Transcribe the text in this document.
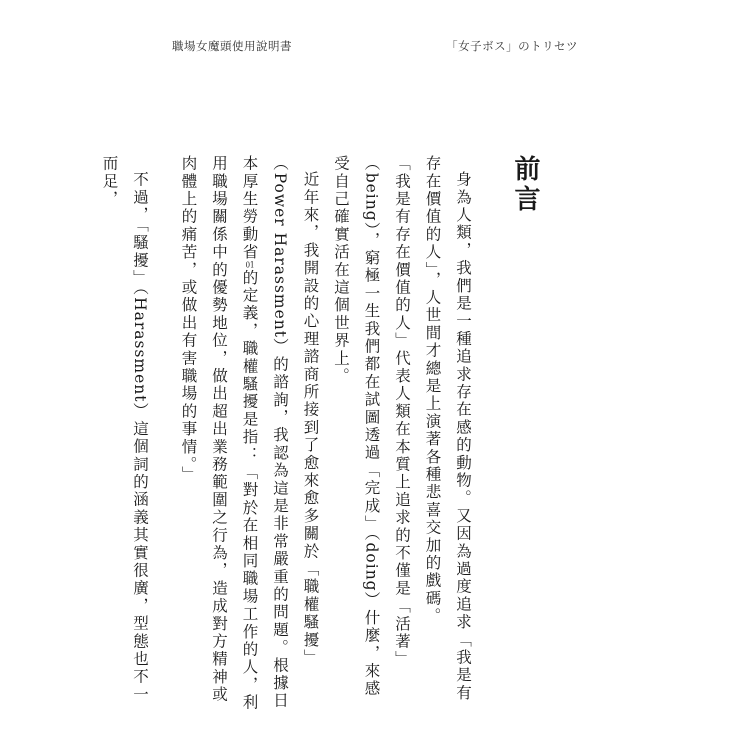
職場女魔頭使用說明書	「女子ボス」のトリセツ
前言

身為人類，我們是一種追求存在感的動物。又因為過度追求「我是有存在價值的人」，人世間才總是上演著各種悲喜交加的戲碼。

「我是有存在價值的人」代表人類在本質上追求的不僅是「活著」（being），窮極一生我們都在試圖透過「完成」（doing）什麼，來感受自己確實活在這個世界上。

近年來，我開設的心理諮商所接到了愈來愈多關於「職權騷擾」（Power Harassment）的諮詢，我認為這是非常嚴重的問題。根據日本厚生勞動省01的定義，職權騷擾是指：「對於在相同職場工作的人，利用職場關係中的優勢地位，做出超出業務範圍之行為，造成對方精神或肉體上的痛苦，或做出有害職場的事情。」

不過，「騷擾」（Harassment）這個詞的涵義其實很廣，型態也不一而足，
